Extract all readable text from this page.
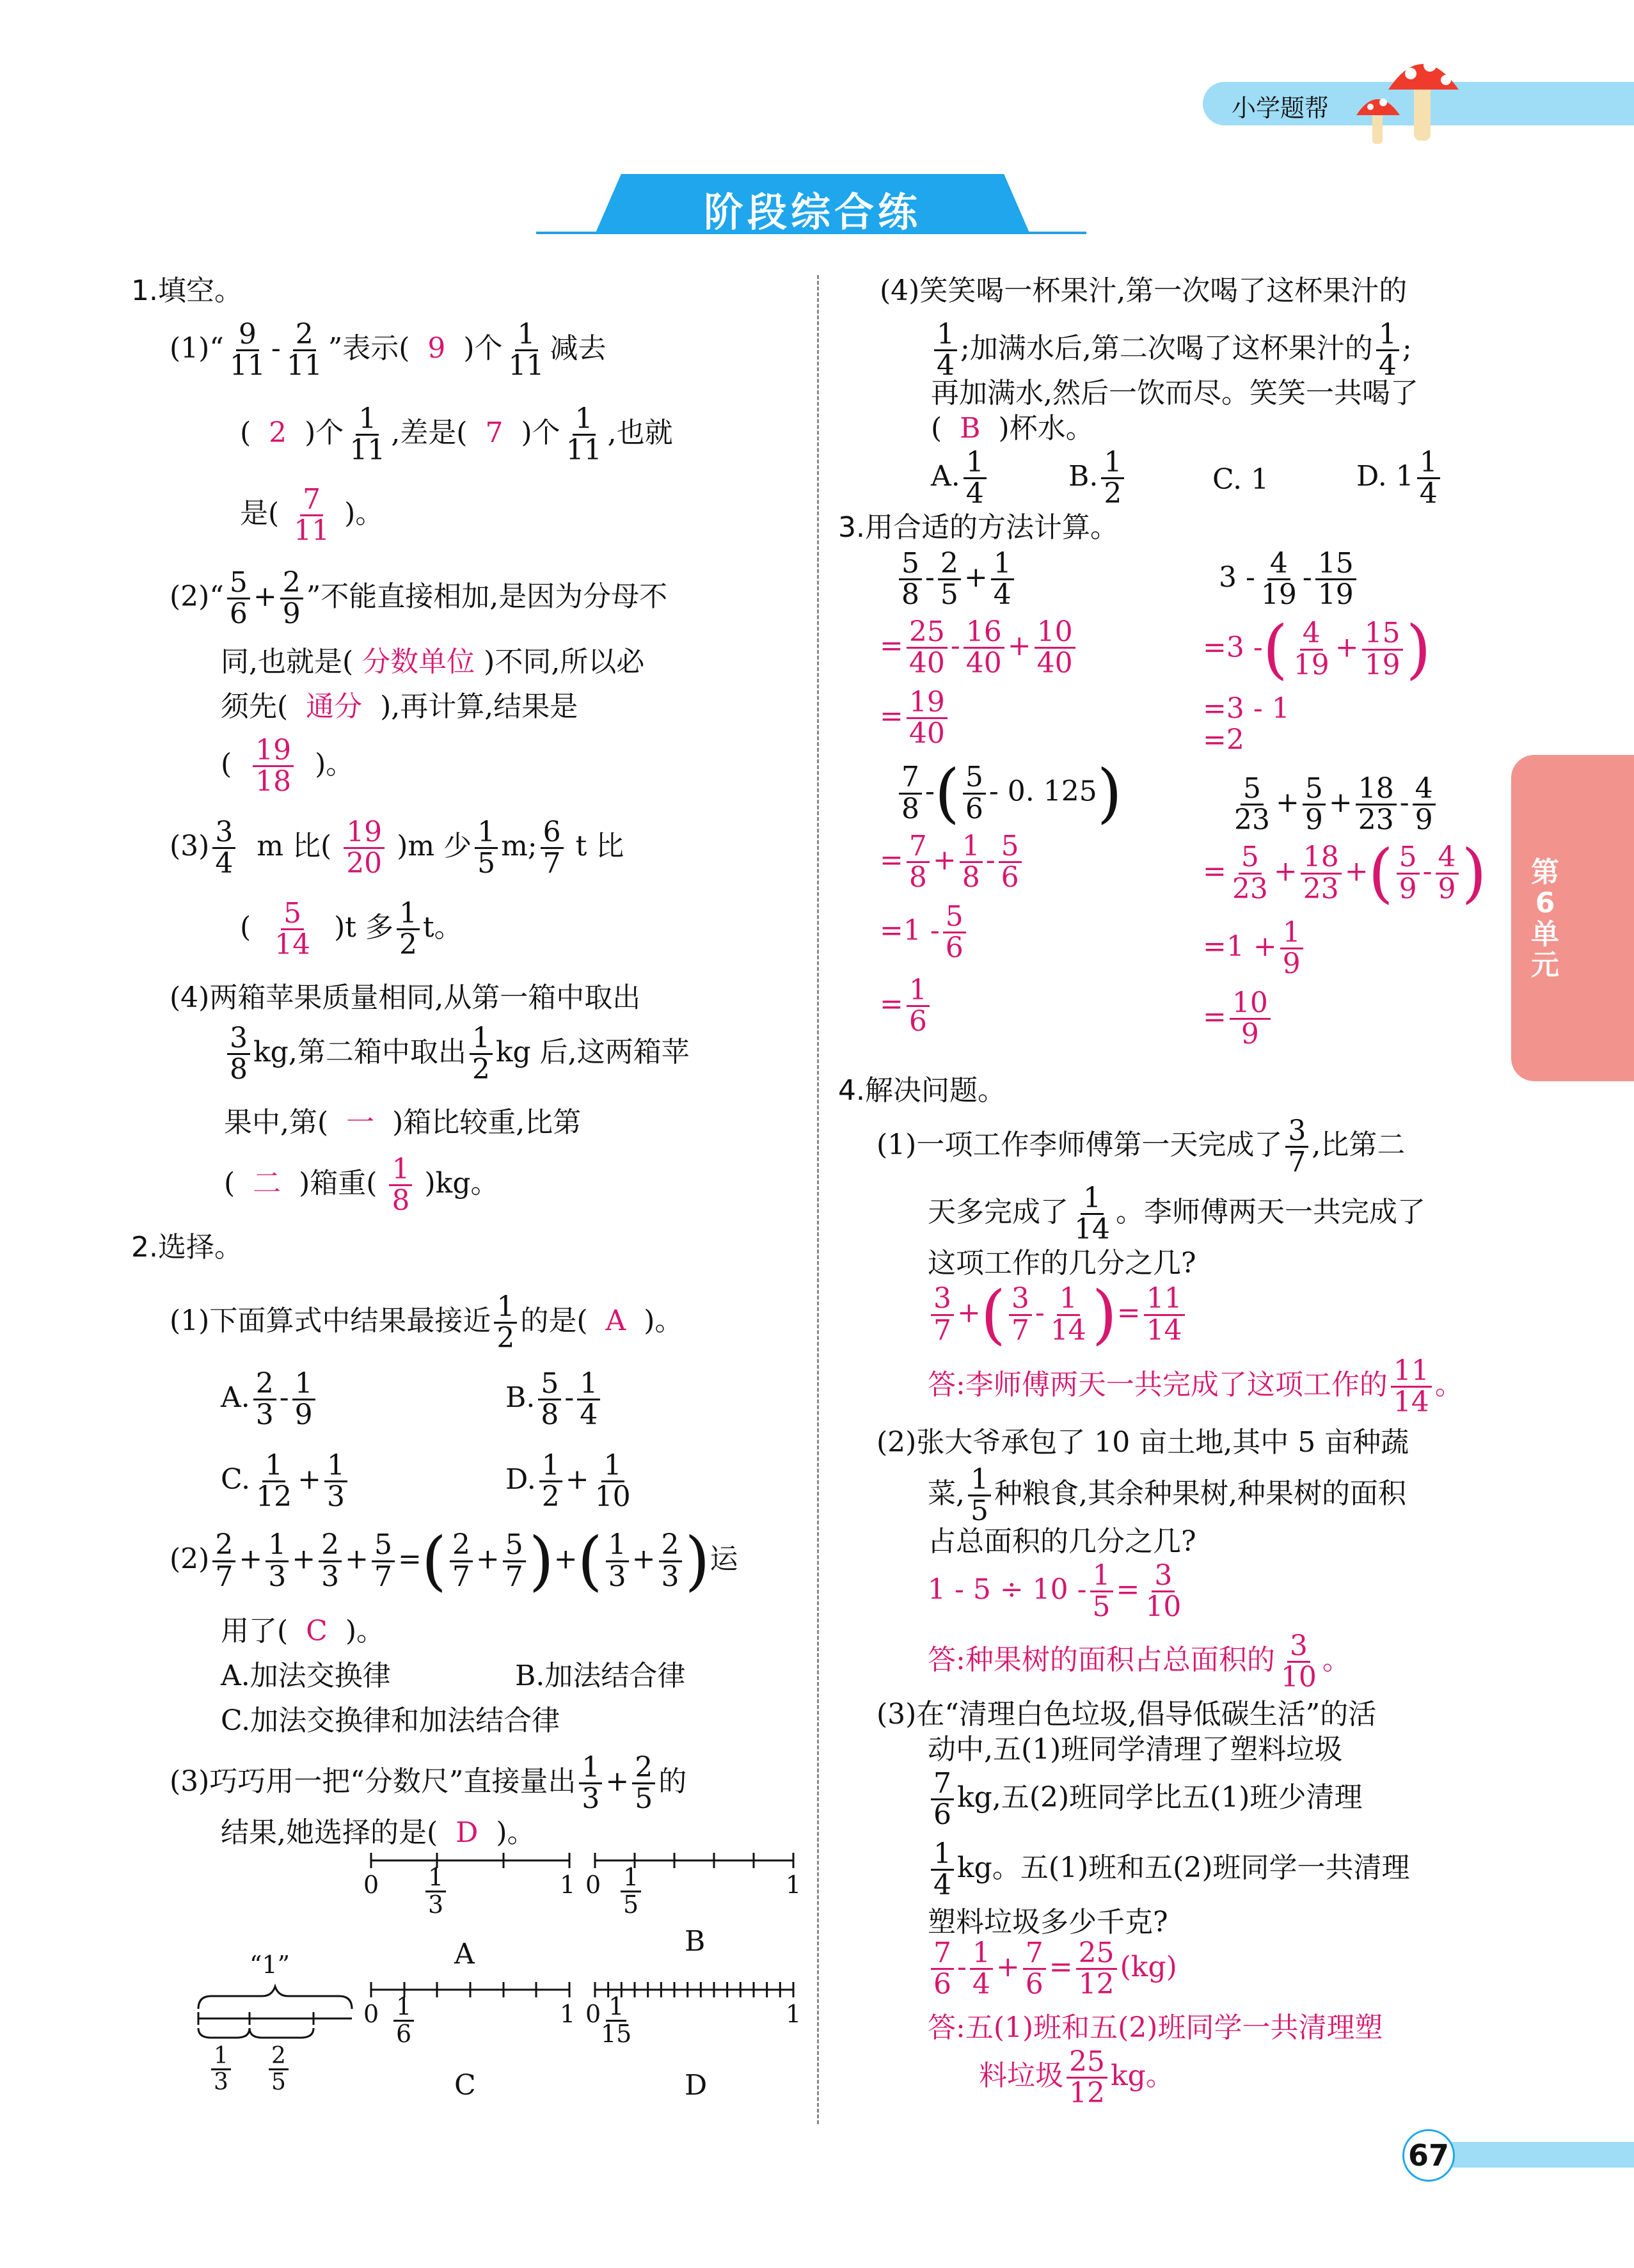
小学题帮
阶段综合练
第6单元
67
1.填空。
(1)“ $\frac{9}{11} - \frac{2}{11}$ ”表示( 9 )个 $\frac{1}{11}$ 减去
( 2 )个 $\frac{1}{11}$ ,差是( 7 )个 $\frac{1}{11}$ ,也就
是( $\frac{7}{11}$ )。
(2)“ $\frac{5}{6} + \frac{2}{9}$ ”不能直接相加,是因为分母不
同,也就是( 分数单位 )不同,所以必
须先( 通分 ),再计算,结果是
( $\frac{19}{18}$ )。
$(3) \frac{3}{4}$ m 比( $\frac{19}{20} )m$ 少 $\frac{1}{5} m$; $\frac{6}{7}$ t 比
( $\frac{5}{14} )t$ 多 $\frac{1}{2}$ t。
(4)两箱苹果质量相同,从第一箱中取出
$\frac{3}{8}$ kg,第二箱中取出 $\frac{1}{2}$ kg 后,这两箱苹
果中,第( 一 )箱比较重,比第
( 二 )箱重( $\frac{1}{8} )kg$。
2.选择。
(1)下面算式中结果最接近 $\frac{1}{2}$ 的是( A )。
A. $\frac{2}{3} - \frac{1}{9}$	B. $\frac{5}{8} - \frac{1}{4}$
C. $\frac{1}{12} + \frac{1}{3}$	D. $\frac{1}{2} + \frac{1}{10}$
$(2) \frac{2}{7} + \frac{1}{3} + \frac{2}{3} + \frac{5}{7}$ =( $\frac{2}{7} + \frac{5}{7}$ )+( $\frac{1}{3} + \frac{2}{3}$ )运
用了( C )。
A.加法交换律	B.加法结合律
C.加法交换律和加法结合律
(3)巧巧用一把“分数尺”直接量出 $\frac{1}{3} + \frac{2}{5}$ 的
结果,她选择的是( D )。
$0 \frac{1}{3}$	1
A
$0 \frac{1}{5}$	1
B
$0 \frac{1}{6}$	1
C
0
$\frac{1}{15}$	1
D
“1”
$\frac{1}{3} \frac{2}{5}$
(4)笑笑喝一杯果汁,第一次喝了这杯果汁的
$\frac{1}{4}$ ;加满水后,第二次喝了这杯果汁的 $\frac{1}{4}$ ;
再加满水,然后一饮而尽。笑笑一共喝了
( B )杯水。
A. $\frac{1}{4}$	B. $\frac{1}{2}$	C. 1	D. $1 \frac{1}{4}$
3.用合适的方法计算。
$\frac{5}{8} - \frac{2}{5} + \frac{1}{4}$
= $\frac{25}{40} - \frac{16}{40} + \frac{10}{40}$
= $\frac{19}{40}$
$3 - \frac{4}{19} - \frac{15}{19}$
=3 -( $\frac{4}{19} + \frac{15}{19}$ )
=3 - 1
=2
$\frac{7}{8}$ -( $\frac{5}{6} - 0$. 125)
= $\frac{7}{8} + \frac{1}{8} - \frac{5}{6}$
$=1 - \frac{5}{6}$
= $\frac{1}{6}$
$\frac{5}{23} + \frac{5}{9} + \frac{18}{23} - \frac{4}{9}$
= $\frac{5}{23} + \frac{18}{23}$ +( $\frac{5}{9} - \frac{4}{9}$ )
$=1 + \frac{1}{9}$
= $\frac{10}{9}$
4.解决问题。
(1)一项工作李师傅第一天完成了 $\frac{3}{7}$ ,比第二
天多完成了 $\frac{1}{14}$ 。李师傅两天一共完成了
这项工作的几分之几?
$\frac{3}{7}$ +( $\frac{3}{7} - \frac{1}{14}$ )= $\frac{11}{14}$
答:李师傅两天一共完成了这项工作的 $\frac{11}{14}$ 。
(2)张大爷承包了 10 亩土地,其中 5 亩种蔬
菜, $\frac{1}{5}$ 种粮食,其余种果树,种果树的面积
占总面积的几分之几?
$1 - 5 \div 10 - \frac{1}{5} = \frac{3}{10}$
答:种果树的面积占总面积的 $\frac{3}{10}$ 。
(3)在“清理白色垃圾,倡导低碳生活”的活
动中,五(1)班同学清理了塑料垃圾
$\frac{7}{6}$ kg,五(2)班同学比五(1)班少清理
$\frac{1}{4}$ kg。五(1)班和五(2)班同学一共清理
塑料垃圾多少千克?
$\frac{7}{6} - \frac{1}{4} + \frac{7}{6} = \frac{25}{12} (kg)$
答:五(1)班和五(2)班同学一共清理塑
料垃圾 $\frac{25}{12}$ kg。
